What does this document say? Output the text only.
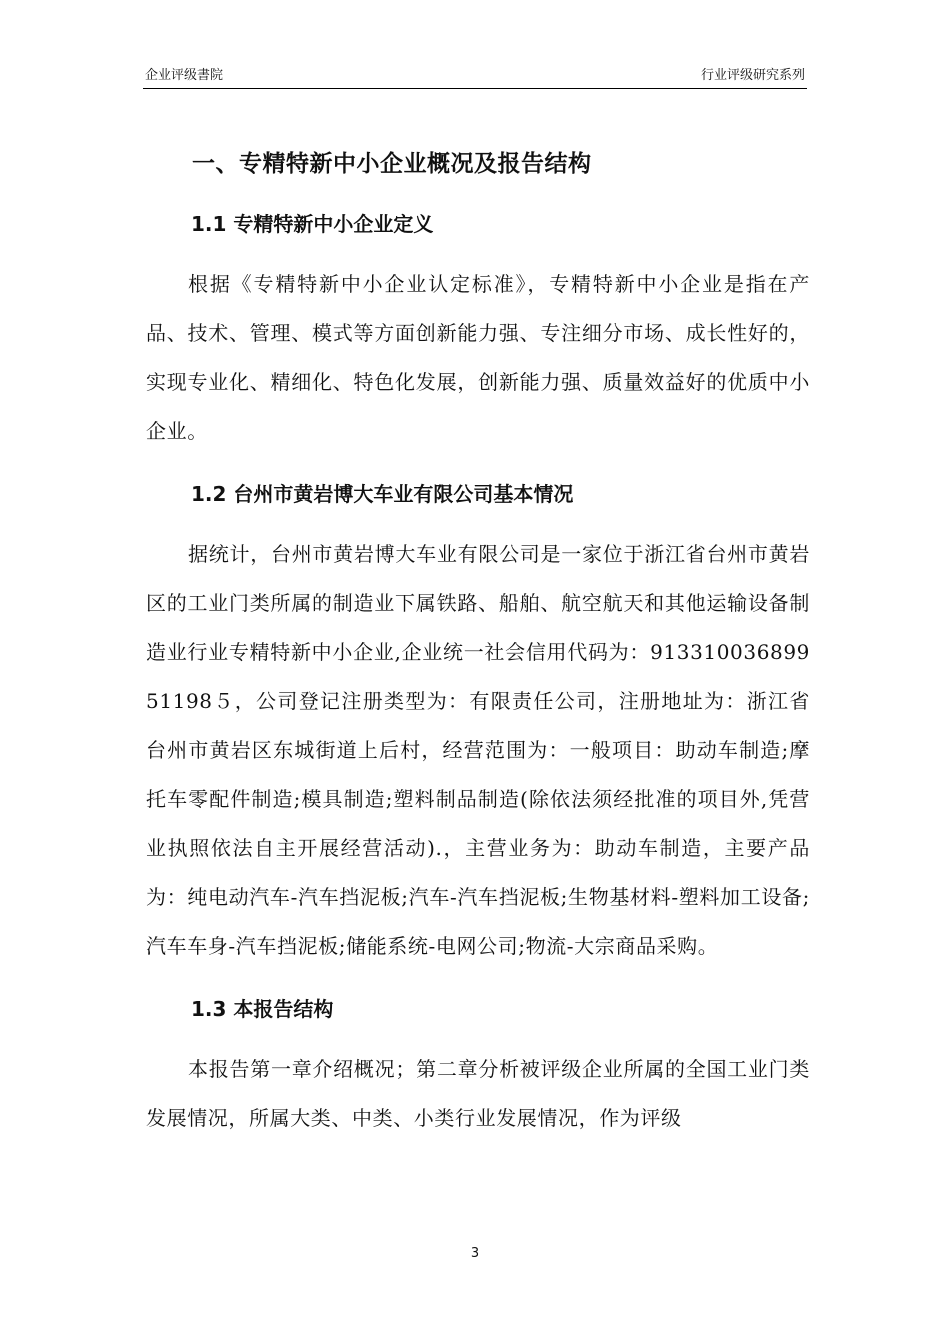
企业评级書院	行业评级研究系列
一、专精特新中小企业概况及报告结构
1.1 专精特新中小企业定义

根据《专精特新中小企业认定标准》，专精特新中小企业是指在产品、技术、管理、模式等方面创新能力强、专注细分市场、成长性好的，实现专业化、精细化、特色化发展，创新能力强、质量效益好的优质中小企业。

1.2 台州市黄岩博大车业有限公司基本情况

据统计，台州市黄岩博大车业有限公司是一家位于浙江省台州市黄岩区的工业门类所属的制造业下属铁路、船舶、航空航天和其他运输设备制造业行业专精特新中小企业,企业统一社会信用代码为：91331003689951198５，公司登记注册类型为：有限责任公司，注册地址为：浙江省台州市黄岩区东城街道上后村，经营范围为：一般项目：助动车制造;摩托车零配件制造;模具制造;塑料制品制造(除依法须经批准的项目外,凭营业执照依法自主开展经营活动).，主营业务为：助动车制造，主要产品为：纯电动汽车-汽车挡泥板;汽车-汽车挡泥板;生物基材料-塑料加工设备;汽车车身-汽车挡泥板;储能系统-电网公司;物流-大宗商品采购。

1.3 本报告结构

本报告第一章介绍概况；第二章分析被评级企业所属的全国工业门类发展情况，所属大类、中类、小类行业发展情况，作为评级

3
